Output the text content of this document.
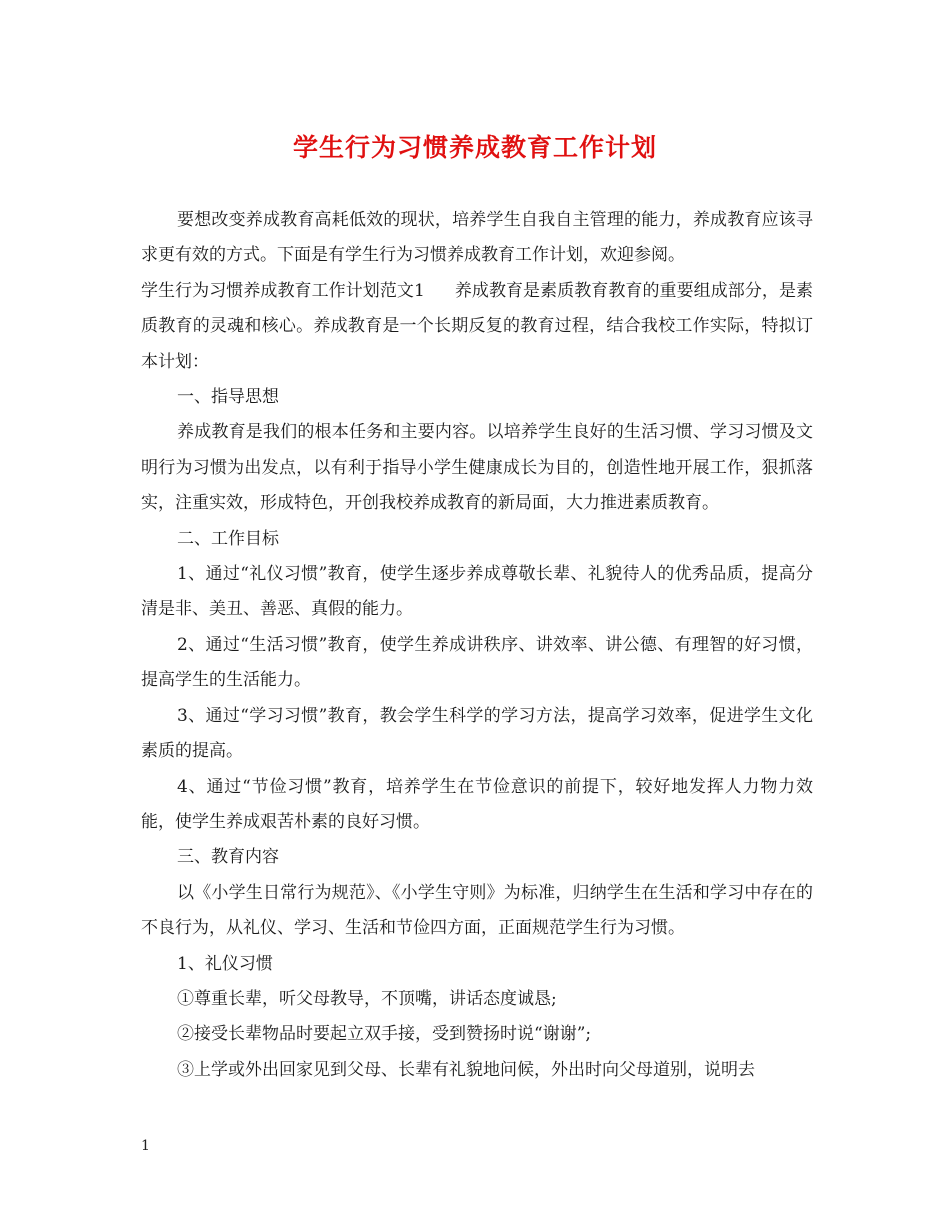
学生行为习惯养成教育工作计划

要想改变养成教育高耗低效的现状，培养学生自我自主管理的能力，养成教育应该寻求更有效的方式。下面是有学生行为习惯养成教育工作计划，欢迎参阅。

学生行为习惯养成教育工作计划范文1 养成教育是素质教育教育的重要组成部分，是素质教育的灵魂和核心。养成教育是一个长期反复的教育过程，结合我校工作实际，特拟订本计划：

一、指导思想

养成教育是我们的根本任务和主要内容。以培养学生良好的生活习惯、学习习惯及文明行为习惯为出发点，以有利于指导小学生健康成长为目的，创造性地开展工作，狠抓落实，注重实效，形成特色，开创我校养成教育的新局面，大力推进素质教育。

二、工作目标

1、通过“礼仪习惯”教育，使学生逐步养成尊敬长辈、礼貌待人的优秀品质，提高分清是非、美丑、善恶、真假的能力。

2、通过“生活习惯”教育，使学生养成讲秩序、讲效率、讲公德、有理智的好习惯，提高学生的生活能力。

3、通过“学习习惯”教育，教会学生科学的学习方法，提高学习效率，促进学生文化素质的提高。

4、通过“节俭习惯”教育，培养学生在节俭意识的前提下，较好地发挥人力物力效能，使学生养成艰苦朴素的良好习惯。

三、教育内容

以《小学生日常行为规范》、《小学生守则》为标准，归纳学生在生活和学习中存在的不良行为，从礼仪、学习、生活和节俭四方面，正面规范学生行为习惯。

1、礼仪习惯

①尊重长辈，听父母教导，不顶嘴，讲话态度诚恳;

②接受长辈物品时要起立双手接，受到赞扬时说“谢谢”;

③上学或外出回家见到父母、长辈有礼貌地问候，外出时向父母道别，说明去

1
